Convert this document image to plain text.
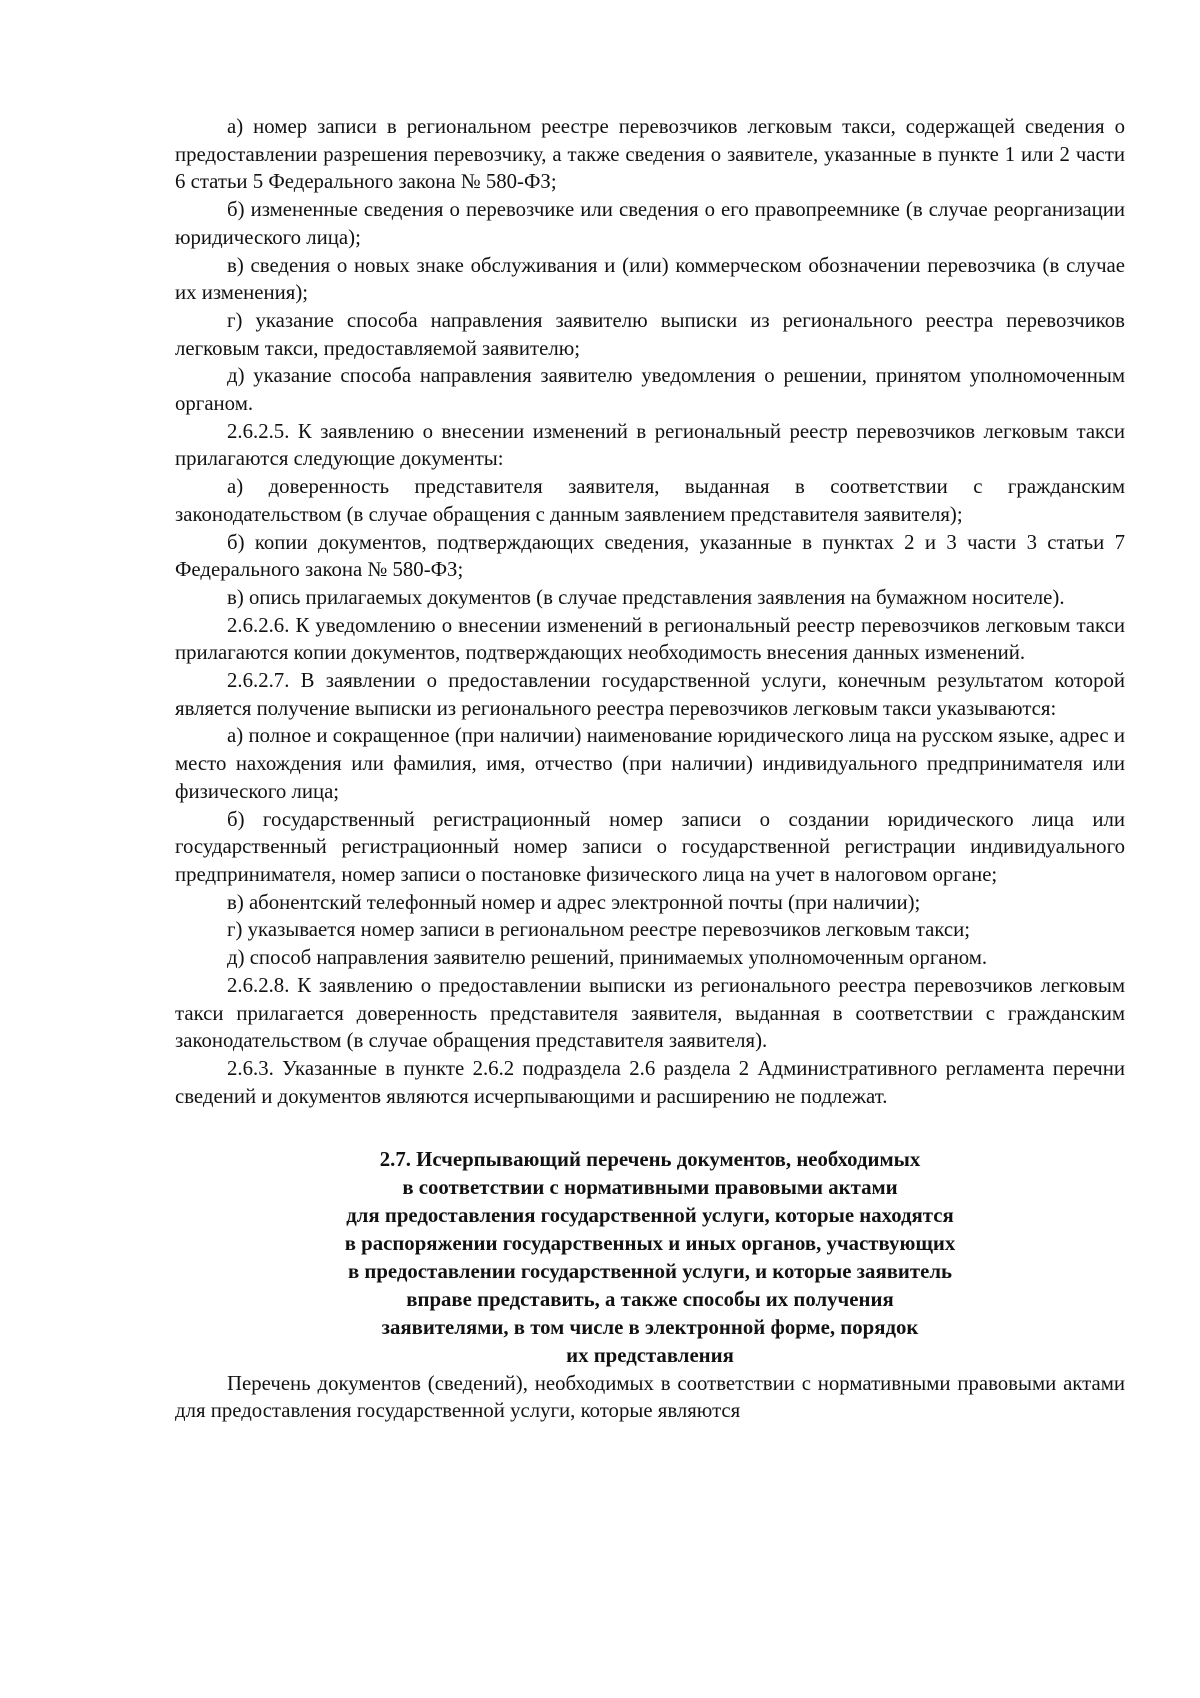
а) номер записи в региональном реестре перевозчиков легковым такси, содержащей сведения о предоставлении разрешения перевозчику, а также сведения о заявителе, указанные в пункте 1 или 2 части 6 статьи 5 Федерального закона № 580-ФЗ;

б) измененные сведения о перевозчике или сведения о его правопреемнике (в случае реорганизации юридического лица);

в) сведения о новых знаке обслуживания и (или) коммерческом обозначении перевозчика (в случае их изменения);

г) указание способа направления заявителю выписки из регионального реестра перевозчиков легковым такси, предоставляемой заявителю;

д) указание способа направления заявителю уведомления о решении, принятом уполномоченным органом.

2.6.2.5. К заявлению о внесении изменений в региональный реестр перевозчиков легковым такси прилагаются следующие документы:

а) доверенность представителя заявителя, выданная в соответствии с гражданским законодательством (в случае обращения с данным заявлением представителя заявителя);

б) копии документов, подтверждающих сведения, указанные в пунктах 2 и 3 части 3 статьи 7 Федерального закона № 580-ФЗ;

в) опись прилагаемых документов (в случае представления заявления на бумажном носителе).

2.6.2.6. К уведомлению о внесении изменений в региональный реестр перевозчиков легковым такси прилагаются копии документов, подтверждающих необходимость внесения данных изменений.

2.6.2.7. В заявлении о предоставлении государственной услуги, конечным результатом которой является получение выписки из регионального реестра перевозчиков легковым такси указываются:

а) полное и сокращенное (при наличии) наименование юридического лица на русском языке, адрес и место нахождения или фамилия, имя, отчество (при наличии) индивидуального предпринимателя или физического лица;

б) государственный регистрационный номер записи о создании юридического лица или государственный регистрационный номер записи о государственной регистрации индивидуального предпринимателя, номер записи о постановке физического лица на учет в налоговом органе;

в) абонентский телефонный номер и адрес электронной почты (при наличии);

г) указывается номер записи в региональном реестре перевозчиков легковым такси;

д) способ направления заявителю решений, принимаемых уполномоченным органом.

2.6.2.8. К заявлению о предоставлении выписки из регионального реестра перевозчиков легковым такси прилагается доверенность представителя заявителя, выданная в соответствии с гражданским законодательством (в случае обращения представителя заявителя).

2.6.3. Указанные в пункте 2.6.2 подраздела 2.6 раздела 2 Административного регламента перечни сведений и документов являются исчерпывающими и расширению не подлежат.

2.7. Исчерпывающий перечень документов, необходимых
в соответствии с нормативными правовыми актами
для предоставления государственной услуги, которые находятся
в распоряжении государственных и иных органов, участвующих
в предоставлении государственной услуги, и которые заявитель
вправе представить, а также способы их получения
заявителями, в том числе в электронной форме, порядок
их представления

Перечень документов (сведений), необходимых в соответствии с нормативными правовыми актами для предоставления государственной услуги, которые являются
